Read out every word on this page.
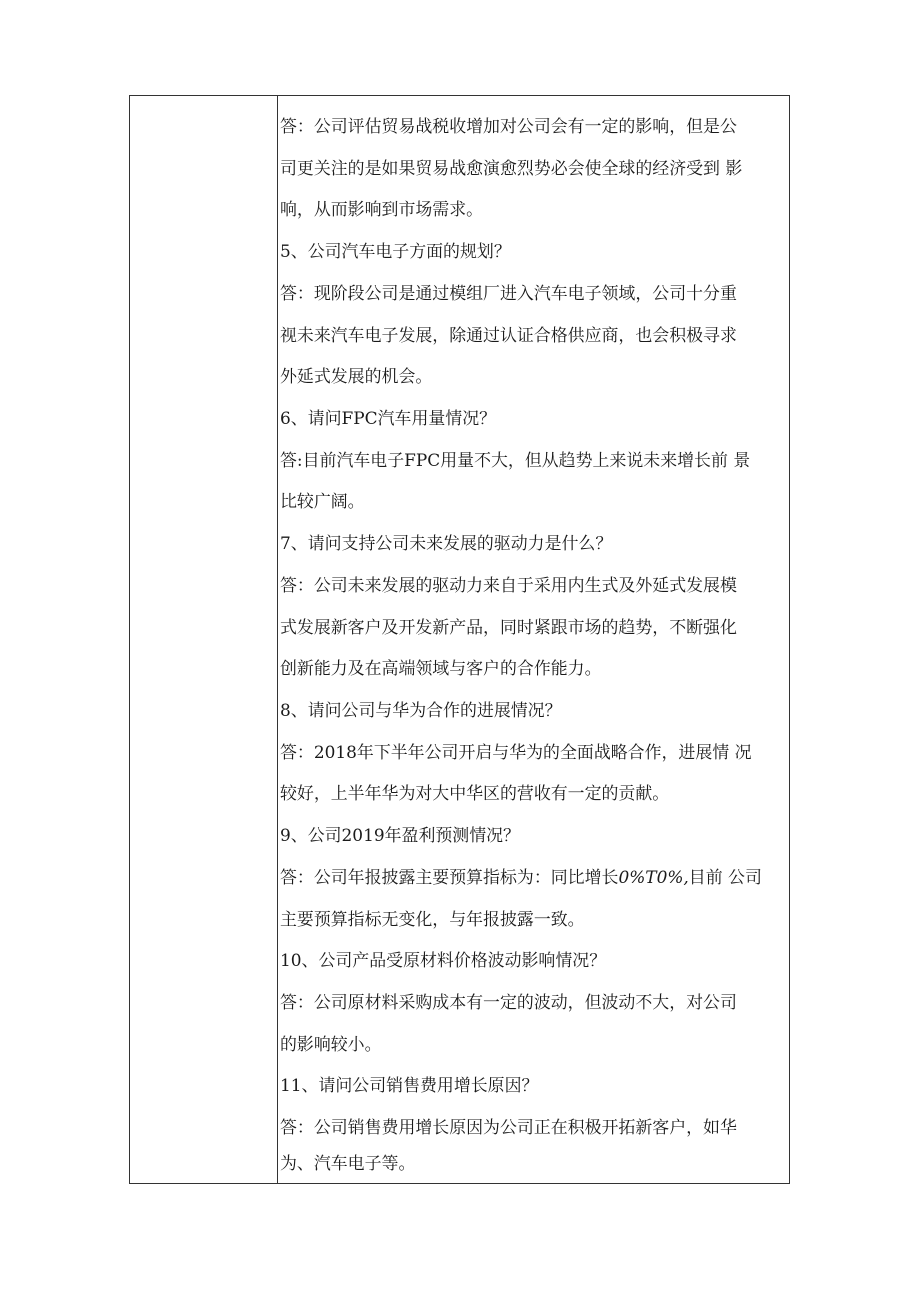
答：公司评估贸易战税收增加对公司会有一定的影响，但是公
司更关注的是如果贸易战愈演愈烈势必会使全球的经济受到 影
响，从而影响到市场需求。
5、公司汽车电子方面的规划？
答：现阶段公司是通过模组厂进入汽车电子领域，公司十分重
视未来汽车电子发展，除通过认证合格供应商，也会积极寻求
外延式发展的机会。
6、请问FPC汽车用量情况？
答:目前汽车电子FPC用量不大，但从趋势上来说未来增长前 景
比较广阔。
7、请问支持公司未来发展的驱动力是什么？
答：公司未来发展的驱动力来自于采用内生式及外延式发展模
式发展新客户及开发新产品，同时紧跟市场的趋势，不断强化
创新能力及在高端领域与客户的合作能力。
8、请问公司与华为合作的进展情况？
答：2018年下半年公司开启与华为的全面战略合作，进展情 况
较好，上半年华为对大中华区的营收有一定的贡献。
9、公司2019年盈利预测情况？
答：公司年报披露主要预算指标为：同比增长0%T0%,目前 公司
主要预算指标无变化，与年报披露一致。
10、公司产品受原材料价格波动影响情况？
答：公司原材料采购成本有一定的波动，但波动不大，对公司
的影响较小。
11、请问公司销售费用增长原因？
答：公司销售费用增长原因为公司正在积极开拓新客户，如华
为、汽车电子等。
